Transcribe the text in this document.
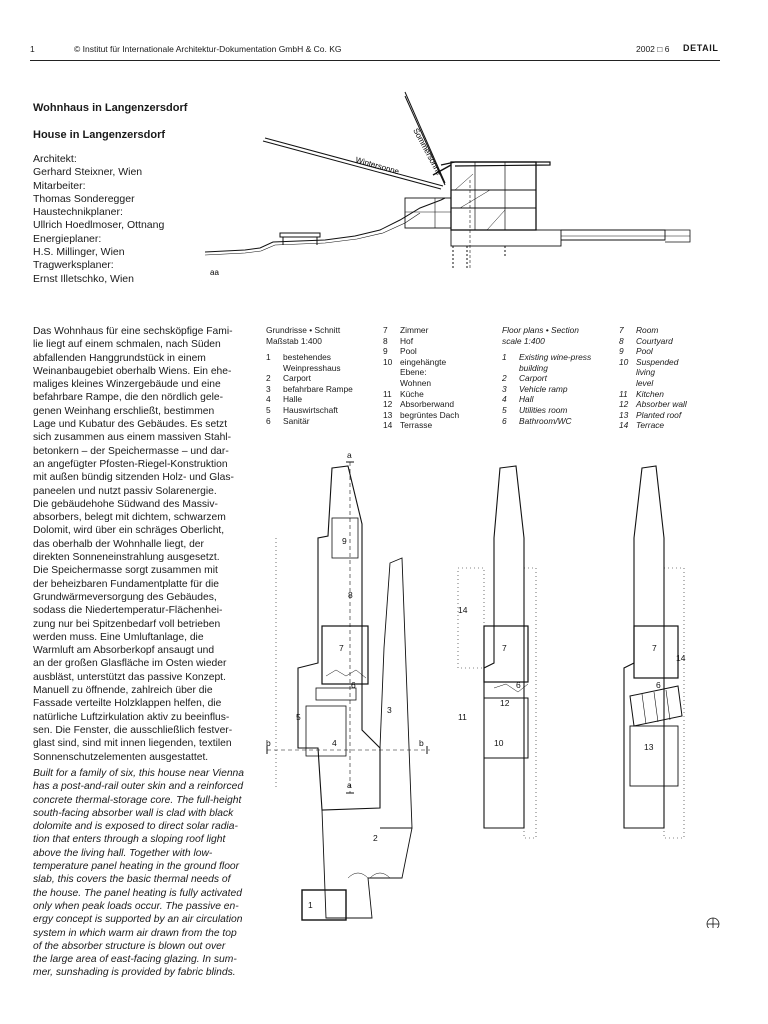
1	© Institut für Internationale Architektur-Dokumentation GmbH & Co. KG	2002 □ 6 DETAIL
Wohnhaus in Langenzersdorf
House in Langenzersdorf
Architekt:
Gerhard Steixner, Wien
Mitarbeiter:
Thomas Sonderegger
Haustechnikplaner:
Ullrich Hoedlmoser, Ottnang
Energieplaner:
H.S. Millinger, Wien
Tragwerksplaner:
Ernst Illetschko, Wien
Wintersonne Sommersonne
aa
Das Wohnhaus für eine sechsköpfige Fami-
lie liegt auf einem schmalen, nach Süden
abfallenden Hanggrundstück in einem
Weinanbaugebiet oberhalb Wiens. Ein ehe-
maliges kleines Winzergebäude und eine
befahrbare Rampe, die den nördlich gele-
genen Weinhang erschließt, bestimmen
Lage und Kubatur des Gebäudes. Es setzt
sich zusammen aus einem massiven Stahl-
betonkern – der Speichermasse – und dar-
an angefügter Pfosten-Riegel-Konstruktion
mit außen bündig sitzenden Holz- und Glas-
paneelen und nutzt passiv Solarenergie.
Die gebäudehohe Südwand des Massiv-
absorbers, belegt mit dichtem, schwarzem
Dolomit, wird über ein schräges Oberlicht,
das oberhalb der Wohnhalle liegt, der
direkten Sonneneinstrahlung ausgesetzt.
Die Speichermasse sorgt zusammen mit
der beheizbaren Fundamentplatte für die
Grundwärmeversorgung des Gebäudes,
sodass die Niedertemperatur-Flächenhei-
zung nur bei Spitzenbedarf voll betrieben
werden muss. Eine Umluftanlage, die
Warmluft am Absorberkopf ansaugt und
an der großen Glasfläche im Osten wieder
ausbläst, unterstützt das passive Konzept.
Manuell zu öffnende, zahlreich über die
Fassade verteilte Holzklappen helfen, die
natürliche Luftzirkulation aktiv zu beeinflus-
sen. Die Fenster, die ausschließlich festver-
glast sind, sind mit innen liegenden, textilen
Sonnenschutzelementen ausgestattet.
Built for a family of six, this house near Vienna
has a post-and-rail outer skin and a reinforced
concrete thermal-storage core. The full-height
south-facing absorber wall is clad with black
dolomite and is exposed to direct solar radia-
tion that enters through a sloping roof light
above the living hall. Together with low-
temperature panel heating in the ground floor
slab, this covers the basic thermal needs of
the house. The panel heating is fully activated
only when peak loads occur. The passive en-
ergy concept is supported by an air circulation
system in which warm air drawn from the top
of the absorber structure is blown out over
the large area of east-facing glazing. In sum-
mer, sunshading is provided by fabric blinds.
Grundrisse • Schnitt
Maßstab 1:400
1	bestehendes
Weinpresshaus
2	Carport
3	befahrbare Rampe
4	Halle
5	Hauswirtschaft
6	Sanitär
7	Zimmer
8	Hof
9	Pool
10 eingehängte
Ebene:
Wohnen
11 Küche
12 Absorberwand
13 begrüntes Dach
14 Terrasse
Floor plans • Section
scale 1:400
1	Existing wine-press
building
2	Carport
3	Vehicle ramp
4	Hall
5	Utilities room
6	Bathroom/WC
7	Room
8	Courtyard
9	Pool
10 Suspended
living
level
11 Kitchen
12 Absorber wall
13 Planted roof
14 Terrace
a
a
b	b
9
8
7
6
5
3
4
2
1
14
7
6
12
11
10
7
14
6
13
